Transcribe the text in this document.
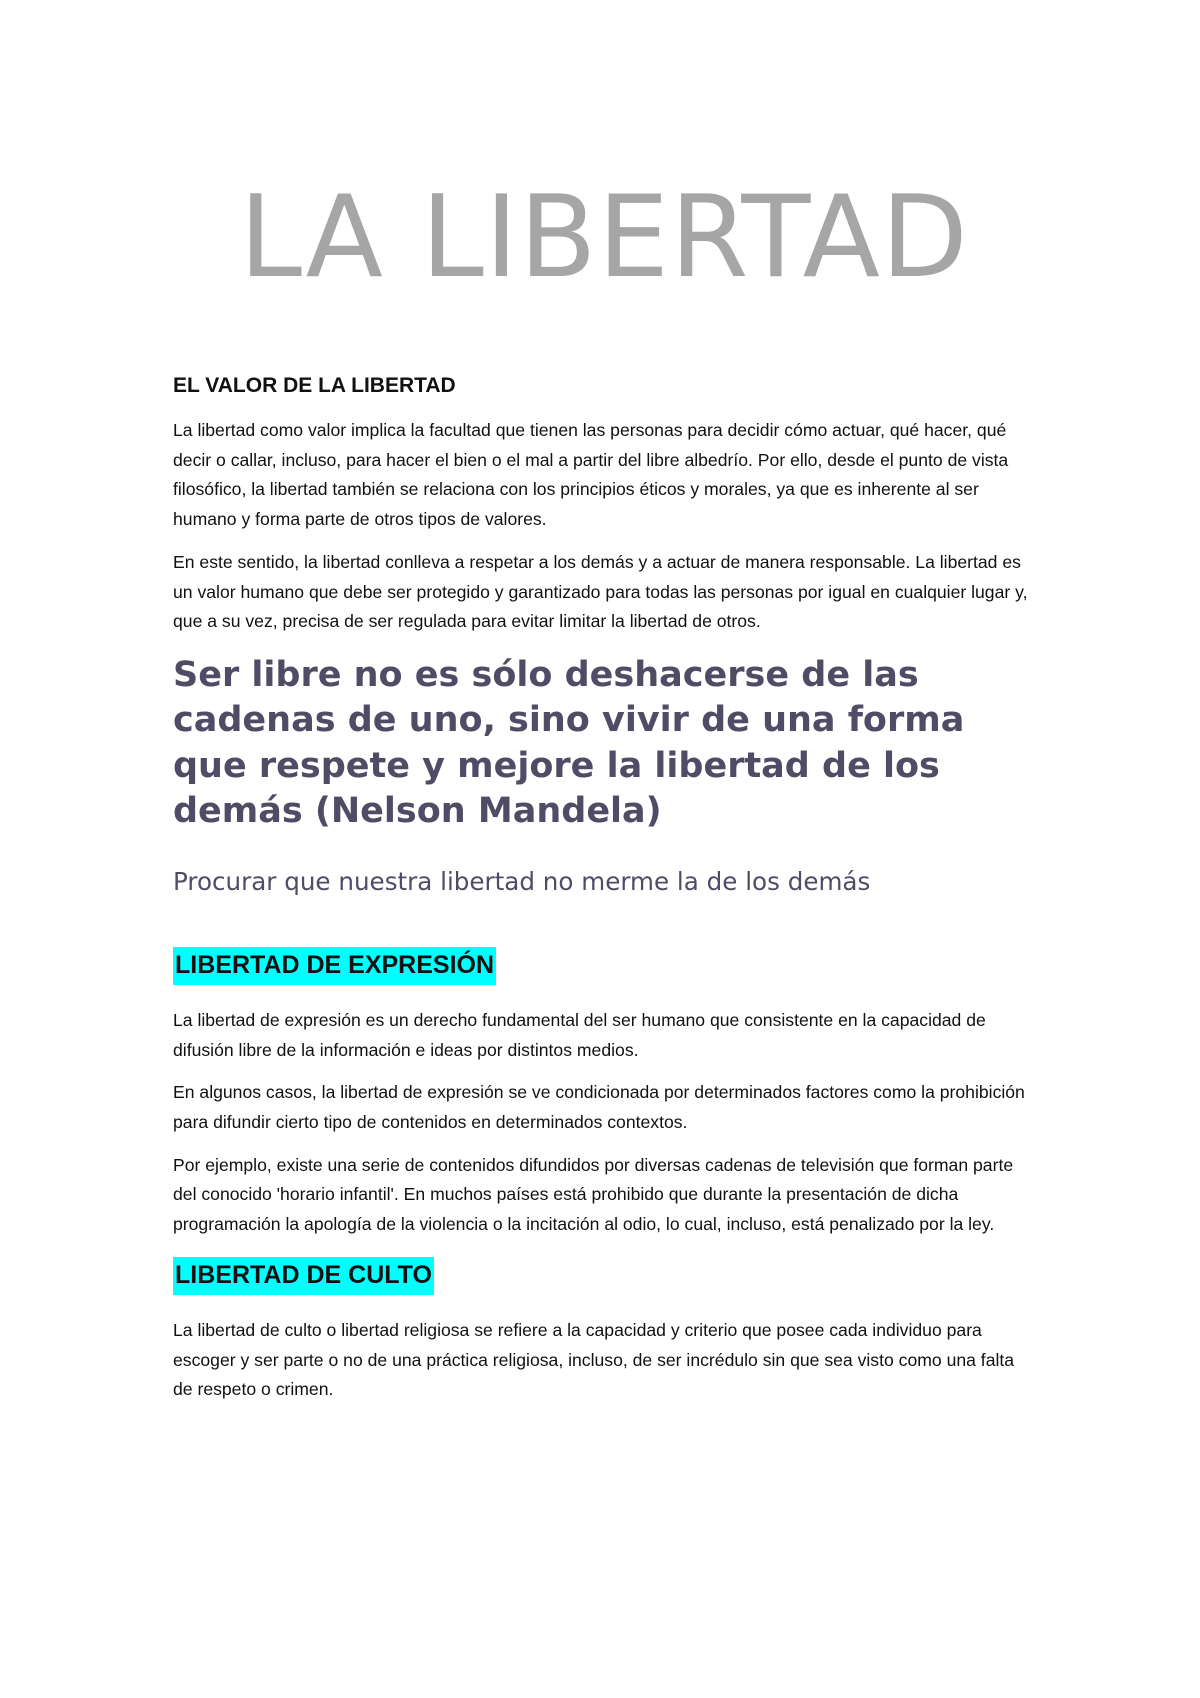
LA LIBERTAD
EL VALOR DE LA LIBERTAD

La libertad como valor implica la facultad que tienen las personas para decidir cómo actuar, qué hacer, qué decir o callar, incluso, para hacer el bien o el mal a partir del libre albedrío. Por ello, desde el punto de vista filosófico, la libertad también se relaciona con los principios éticos y morales, ya que es inherente al ser humano y forma parte de otros tipos de valores.

En este sentido, la libertad conlleva a respetar a los demás y a actuar de manera responsable. La libertad es un valor humano que debe ser protegido y garantizado para todas las personas por igual en cualquier lugar y, que a su vez, precisa de ser regulada para evitar limitar la libertad de otros.

Ser libre no es sólo deshacerse de las cadenas de uno, sino vivir de una forma que respete y mejore la libertad de los demás (Nelson Mandela)

Procurar que nuestra libertad no merme la de los demás

LIBERTAD DE EXPRESIÓN

La libertad de expresión es un derecho fundamental del ser humano que consistente en la capacidad de difusión libre de la información e ideas por distintos medios.

En algunos casos, la libertad de expresión se ve condicionada por determinados factores como la prohibición para difundir cierto tipo de contenidos en determinados contextos.

Por ejemplo, existe una serie de contenidos difundidos por diversas cadenas de televisión que forman parte del conocido 'horario infantil'. En muchos países está prohibido que durante la presentación de dicha programación la apología de la violencia o la incitación al odio, lo cual, incluso, está penalizado por la ley.

LIBERTAD DE CULTO

La libertad de culto o libertad religiosa se refiere a la capacidad y criterio que posee cada individuo para escoger y ser parte o no de una práctica religiosa, incluso, de ser incrédulo sin que sea visto como una falta de respeto o crimen.
